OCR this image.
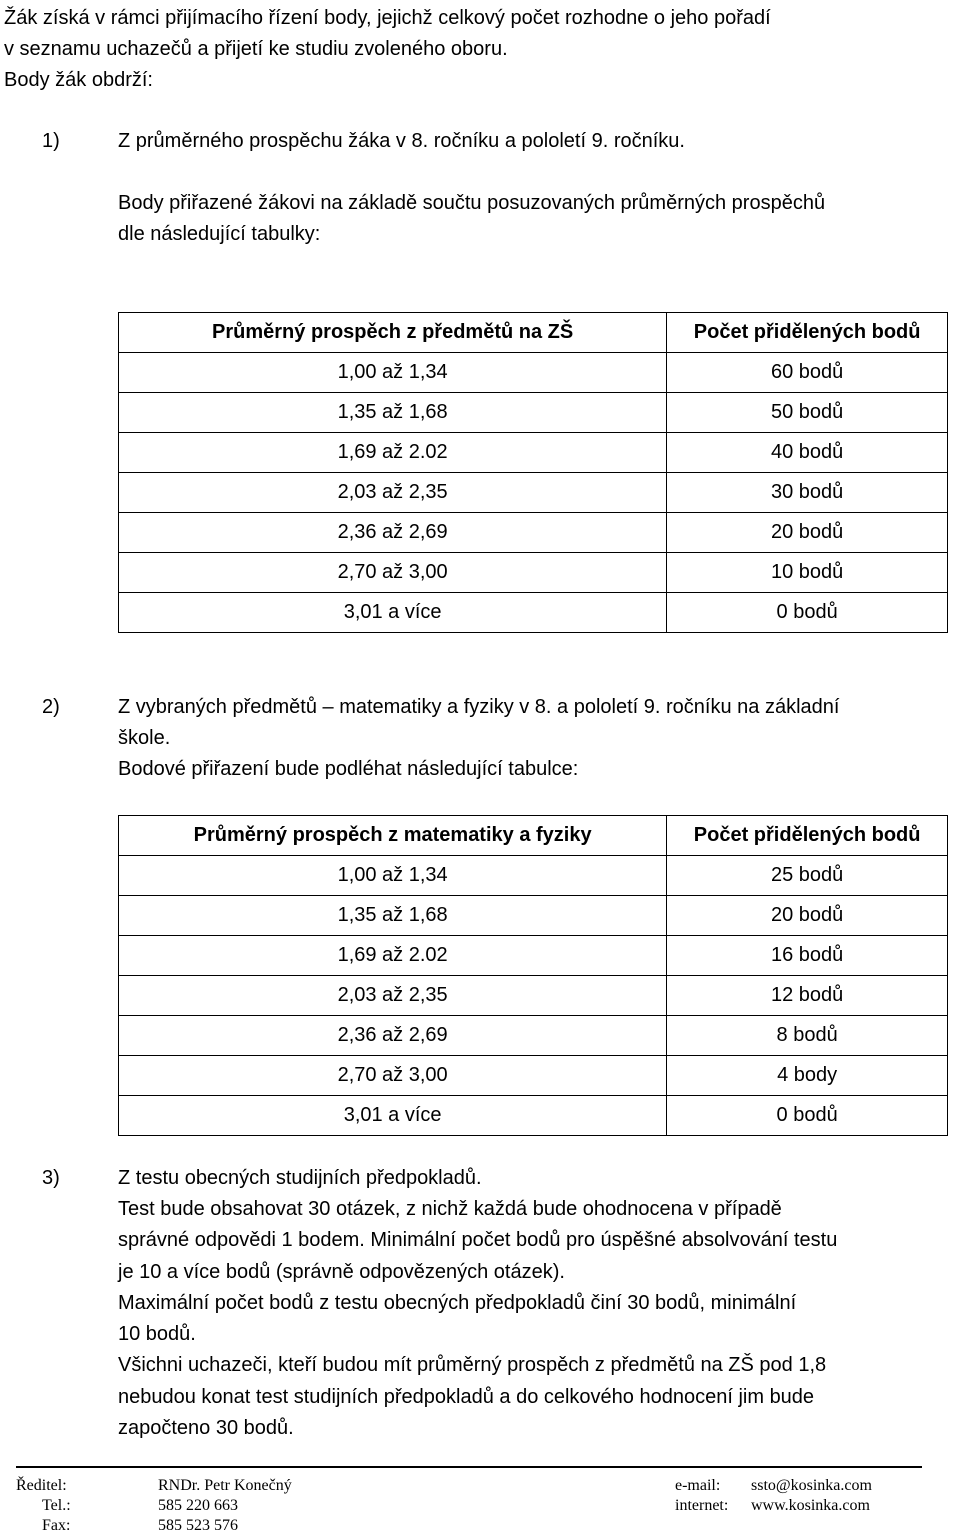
Žák získá v rámci přijímacího řízení body, jejichž celkový počet rozhodne o jeho pořadí
v seznamu uchazečů a přijetí ke studiu zvoleného oboru.
Body žák obdrží:
1)	Z průměrného prospěchu žáka v 8. ročníku a pololetí 9. ročníku.
Body přiřazené žákovi na základě součtu posuzovaných průměrných prospěchů
dle následující tabulky:
Průměrný prospěch z předmětů na ZŠ	Počet přidělených bodů
1,00 až 1,34	60 bodů
1,35 až 1,68	50 bodů
1,69 až 2.02	40 bodů
2,03 až 2,35	30 bodů
2,36 až 2,69	20 bodů
2,70 až 3,00	10 bodů
3,01 a více	0 bodů
2)	Z vybraných předmětů – matematiky a fyziky v 8. a pololetí 9. ročníku na základní
škole.
Bodové přiřazení bude podléhat následující tabulce:
Průměrný prospěch z matematiky a fyziky	Počet přidělených bodů
1,00 až 1,34	25 bodů
1,35 až 1,68	20 bodů
1,69 až 2.02	16 bodů
2,03 až 2,35	12 bodů
2,36 až 2,69	8 bodů
2,70 až 3,00	4 body
3,01 a více	0 bodů
3)	Z testu obecných studijních předpokladů.
Test bude obsahovat 30 otázek, z nichž každá bude ohodnocena v případě
správné odpovědi 1 bodem. Minimální počet bodů pro úspěšné absolvování testu
je 10 a více bodů (správně odpovězených otázek).
Maximální počet bodů z testu obecných předpokladů činí 30 bodů, minimální
10 bodů.
Všichni uchazeči, kteří budou mít průměrný prospěch z předmětů na ZŠ pod 1,8
nebudou konat test studijních předpokladů a do celkového hodnocení jim bude
započteno 30 bodů.
Ředitel:	RNDr. Petr Konečný
Tel.:	585 220 663
Fax:	585 523 576
e-mail: ssto@kosinka.com
internet: www.kosinka.com
